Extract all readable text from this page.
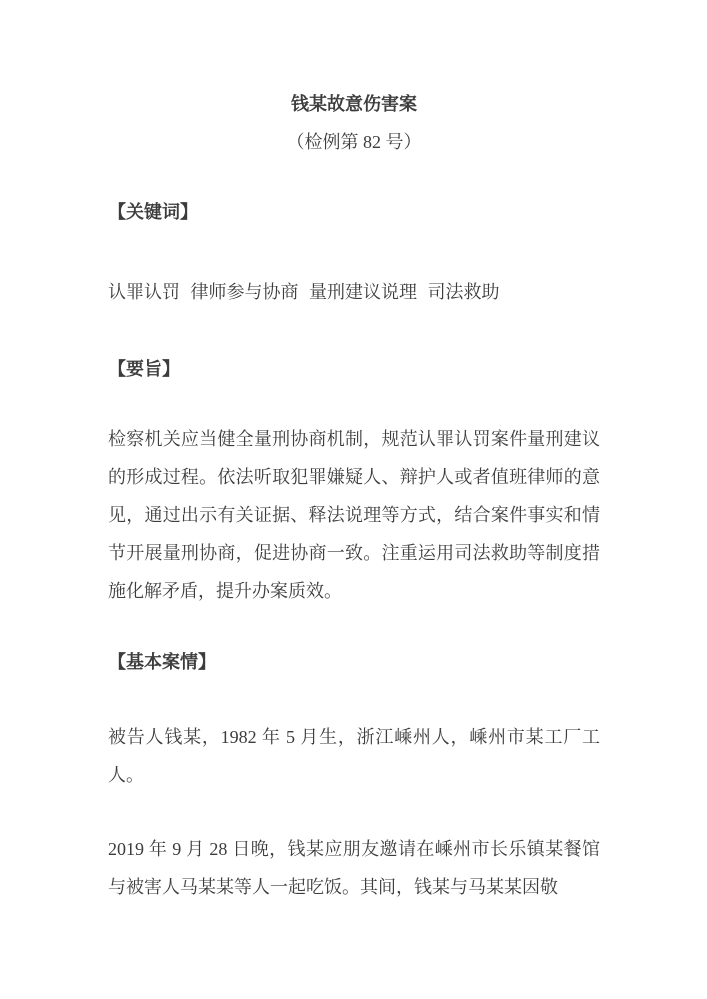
钱某故意伤害案
（检例第 82 号）
【关键词】
认罪认罚 律师参与协商 量刑建议说理 司法救助
【要旨】

检察机关应当健全量刑协商机制，规范认罪认罚案件量刑建议的形成过程。依法听取犯罪嫌疑人、辩护人或者值班律师的意见，通过出示有关证据、释法说理等方式，结合案件事实和情节开展量刑协商，促进协商一致。注重运用司法救助等制度措施化解矛盾，提升办案质效。

【基本案情】

被告人钱某，1982 年 5 月生，浙江嵊州人，嵊州市某工厂工人。

2019 年 9 月 28 日晚，钱某应朋友邀请在嵊州市长乐镇某餐馆与被害人马某某等人一起吃饭。其间，钱某与马某某因敬
